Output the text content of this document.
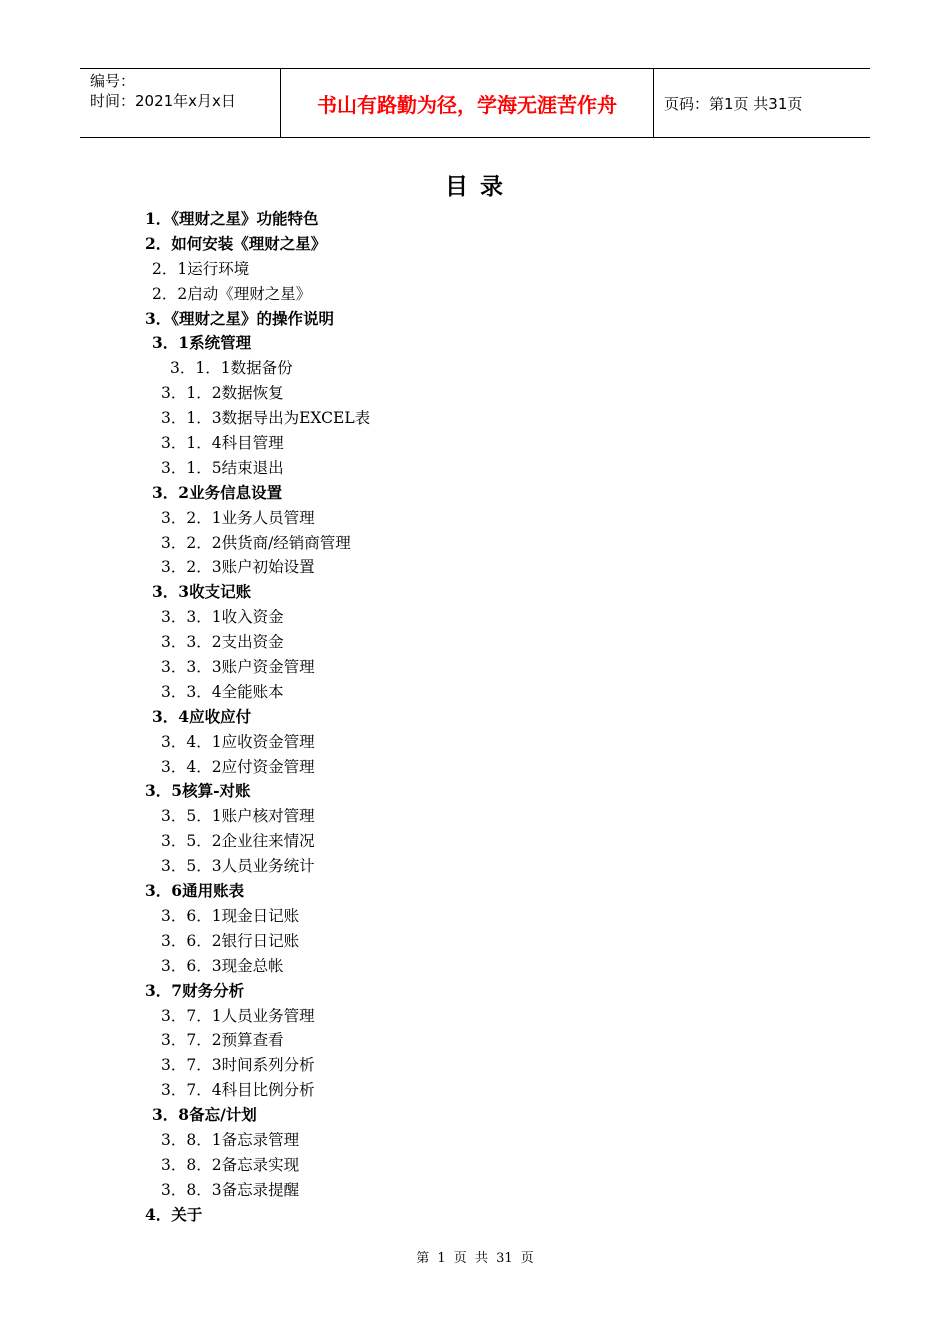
编号：
时间：2021年x月x日	书山有路勤为径，学海无涯苦作舟	页码：第1页 共31页
目 录
1．《理财之星》功能特色
2．如何安装《理财之星》
2．1运行环境
2．2启动《理财之星》
3．《理财之星》的操作说明
3．1系统管理
3．1．1数据备份
3．1．2数据恢复
3．1．3数据导出为EXCEL表
3．1．4科目管理
3．1．5结束退出
3．2业务信息设置
3．2．1业务人员管理
3．2．2供货商/经销商管理
3．2．3账户初始设置
3．3收支记账
3．3．1收入资金
3．3．2支出资金
3．3．3账户资金管理
3．3．4全能账本
3．4应收应付
3．4．1应收资金管理
3．4．2应付资金管理
3．5核算-对账
3．5．1账户核对管理
3．5．2企业往来情况
3．5．3人员业务统计
3．6通用账表
3．6．1现金日记账
3．6．2银行日记账
3．6．3现金总帐
3．7财务分析
3．7．1人员业务管理
3．7．2预算查看
3．7．3时间系列分析
3．7．4科目比例分析
3．8备忘/计划
3．8．1备忘录管理
3．8．2备忘录实现
3．8．3备忘录提醒
4．关于
第 1 页 共 31 页
